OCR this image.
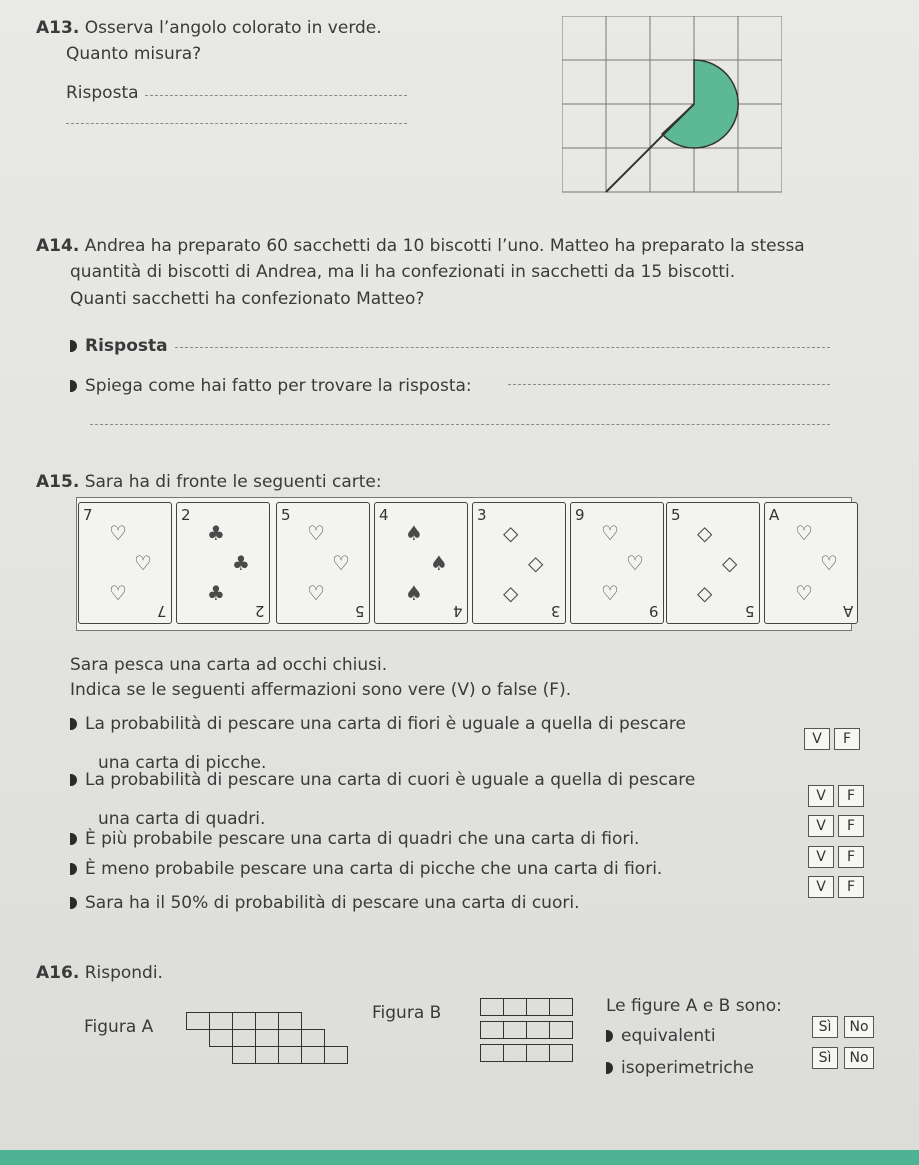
A13. Osserva l’angolo colorato in verde.
Quanto misura?
Risposta
A14. Andrea ha preparato 60 sacchetti da 10 biscotti l’uno. Matteo ha preparato la stessa
quantità di biscotti di Andrea, ma li ha confezionati in sacchetti da 15 biscotti.
Quanti sacchetti ha confezionato Matteo?
Risposta
Spiega come hai fatto per trovare la risposta:
A15. Sara ha di fronte le seguenti carte:
7
7
♡
♡
♡
2
2
♣
♣
♣
5
5
♡
♡
♡
4
4
♠
♠
♠
3
3
◇
◇
◇
9
9
♡
♡
♡
5
5
◇
◇
◇
A
A
♡
♡
♡
Sara pesca una carta ad occhi chiusi.
Indica se le seguenti affermazioni sono vere (V) o false (F).
La probabilità di pescare una carta di fiori è uguale a quella di pescare
una carta di picche.
V	F
La probabilità di pescare una carta di cuori è uguale a quella di pescare
una carta di quadri.
V	F
È più probabile pescare una carta di quadri che una carta di fiori.
V	F
È meno probabile pescare una carta di picche che una carta di fiori.
V	F
Sara ha il 50% di probabilità di pescare una carta di cuori.
V	F
A16. Rispondi.
Figura A
Figura B	Le figure A e B sono:
equivalenti	Sì	No
isoperimetriche	Sì	No
